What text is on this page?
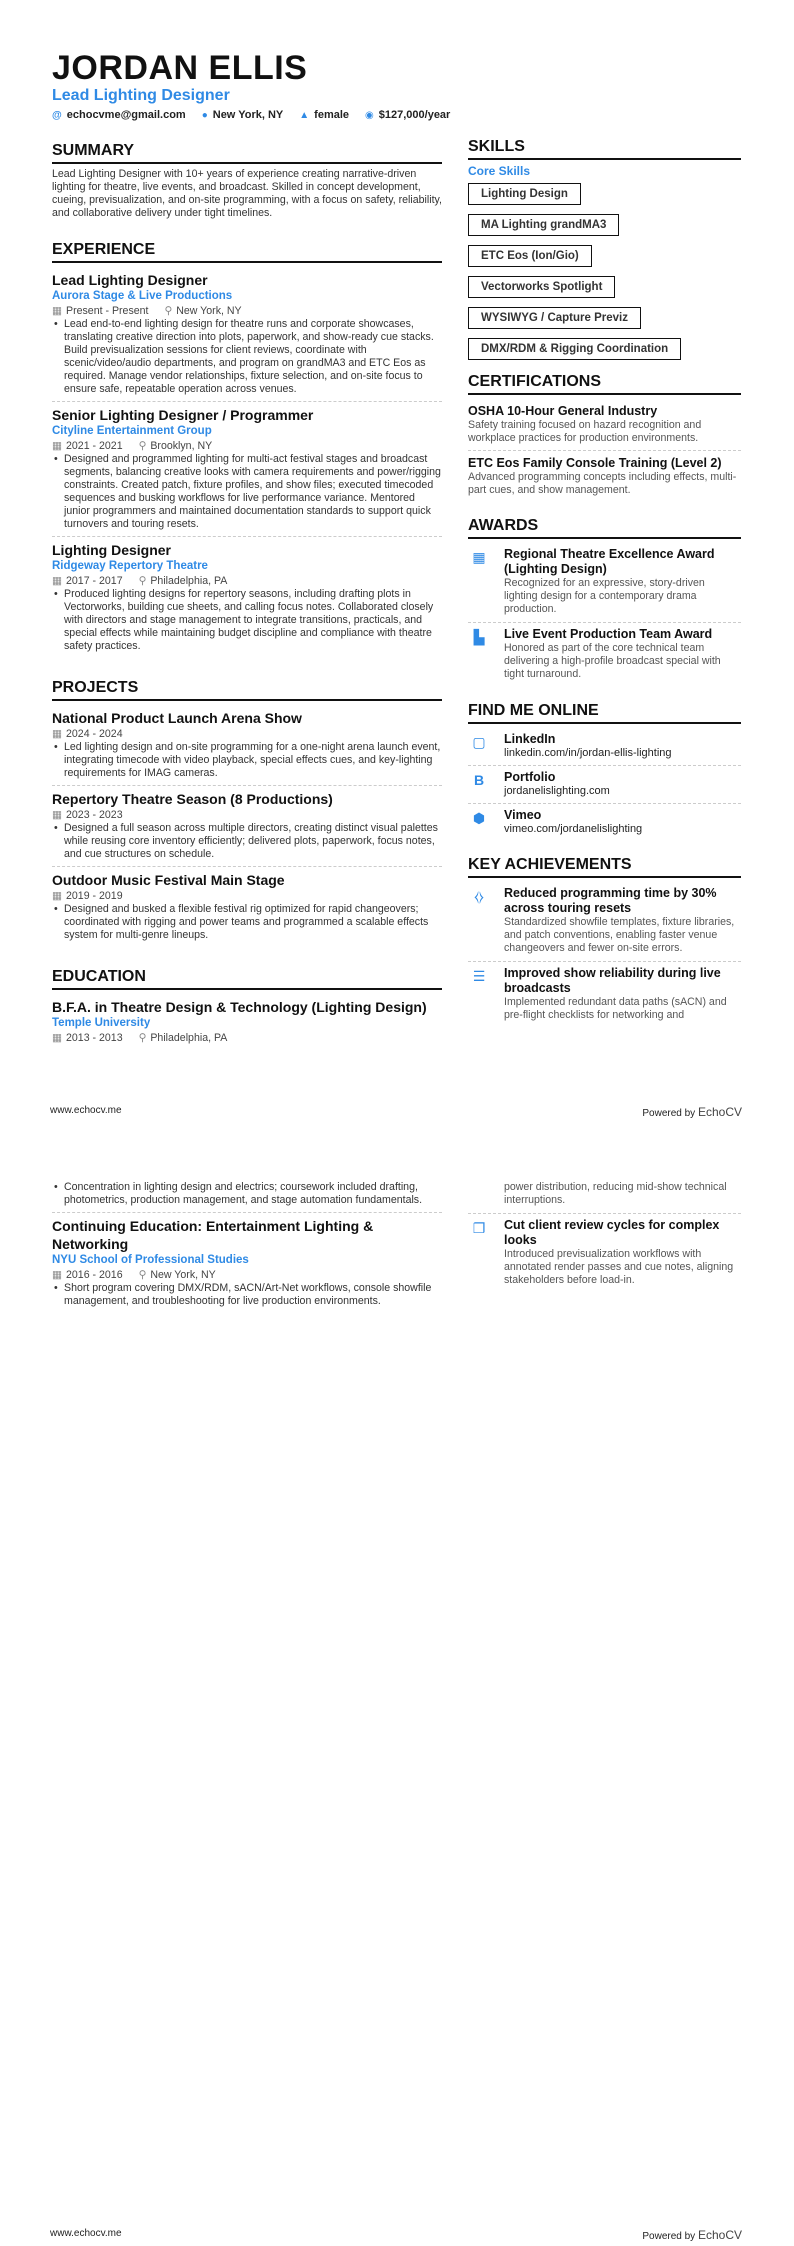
JORDAN ELLIS
Lead Lighting Designer
@ echocvme@gmail.com ● New York, NY ▲ female ◉ $127,000/year
SUMMARY

Lead Lighting Designer with 10+ years of experience creating narrative-driven lighting for theatre, live events, and broadcast. Skilled in concept development, cueing, previsualization, and on-site programming, with a focus on safety, reliability, and collaborative delivery under tight timelines.

EXPERIENCE
Lead Lighting Designer
Aurora Stage & Live Productions
▦ Present - Present ⚲ New York, NY
• Lead end-to-end lighting design for theatre runs and corporate showcases, translating creative direction into plots, paperwork, and show-ready cue stacks. Build previsualization sessions for client reviews, coordinate with scenic/video/audio departments, and program on grandMA3 and ETC Eos as required. Manage vendor relationships, fixture selection, and on-site focus to ensure safe, repeatable operation across venues.
Senior Lighting Designer / Programmer
Cityline Entertainment Group
▦ 2021 - 2021 ⚲ Brooklyn, NY
• Designed and programmed lighting for multi-act festival stages and broadcast segments, balancing creative looks with camera requirements and power/rigging constraints. Created patch, fixture profiles, and show files; executed timecoded sequences and busking workflows for live performance variance. Mentored junior programmers and maintained documentation standards to support quick turnovers and touring resets.
Lighting Designer
Ridgeway Repertory Theatre
▦ 2017 - 2017 ⚲ Philadelphia, PA
• Produced lighting designs for repertory seasons, including drafting plots in Vectorworks, building cue sheets, and calling focus notes. Collaborated closely with directors and stage management to integrate transitions, practicals, and special effects while maintaining budget discipline and compliance with theatre safety practices.
PROJECTS
National Product Launch Arena Show
▦ 2024 - 2024
• Led lighting design and on-site programming for a one-night arena launch event, integrating timecode with video playback, special effects cues, and key-lighting requirements for IMAG cameras.
Repertory Theatre Season (8 Productions)
▦ 2023 - 2023
• Designed a full season across multiple directors, creating distinct visual palettes while reusing core inventory efficiently; delivered plots, paperwork, focus notes, and cue structures on schedule.
Outdoor Music Festival Main Stage
▦ 2019 - 2019
• Designed and busked a flexible festival rig optimized for rapid changeovers; coordinated with rigging and power teams and programmed a scalable effects system for multi-genre lineups.
EDUCATION
B.F.A. in Theatre Design & Technology (Lighting Design)
Temple University
▦ 2013 - 2013 ⚲ Philadelphia, PA
SKILLS
Core Skills
Lighting Design
MA Lighting grandMA3
ETC Eos (Ion/Gio)
Vectorworks Spotlight
WYSIWYG / Capture Previz
DMX/RDM & Rigging Coordination
CERTIFICATIONS
OSHA 10-Hour General Industry

Safety training focused on hazard recognition and workplace practices for production environments.

ETC Eos Family Console Training (Level 2)

Advanced programming concepts including effects, multi-part cues, and show management.

AWARDS
▦	Regional Theatre Excellence Award (Lighting Design)

Recognized for an expressive, story-driven lighting design for a contemporary drama production.

▙	Live Event Production Team Award

Honored as part of the core technical team delivering a high-profile broadcast special with tight turnaround.

FIND ME ONLINE
▢	LinkedIn
linkedin.com/in/jordan-ellis-lighting
B	Portfolio
jordanelislighting.com
⬢	Vimeo
vimeo.com/jordanelislighting
KEY ACHIEVEMENTS
⧼⧽	Reduced programming time by 30% across touring resets

Standardized showfile templates, fixture libraries, and patch conventions, enabling faster venue changeovers and fewer on-site errors.

☰	Improved show reliability during live broadcasts

Implemented redundant data paths (sACN) and pre-flight checklists for networking and

www.echocv.me	Powered by EchoCV
• Concentration in lighting design and electrics; coursework included drafting, photometrics, production management, and stage automation fundamentals.
Continuing Education: Entertainment Lighting & Networking
NYU School of Professional Studies
▦ 2016 - 2016 ⚲ New York, NY
• Short program covering DMX/RDM, sACN/Art-Net workflows, console showfile management, and troubleshooting for live production environments.

power distribution, reducing mid-show technical interruptions.

❐	Cut client review cycles for complex looks

Introduced previsualization workflows with annotated render passes and cue notes, aligning stakeholders before load-in.

www.echocv.me	Powered by EchoCV
